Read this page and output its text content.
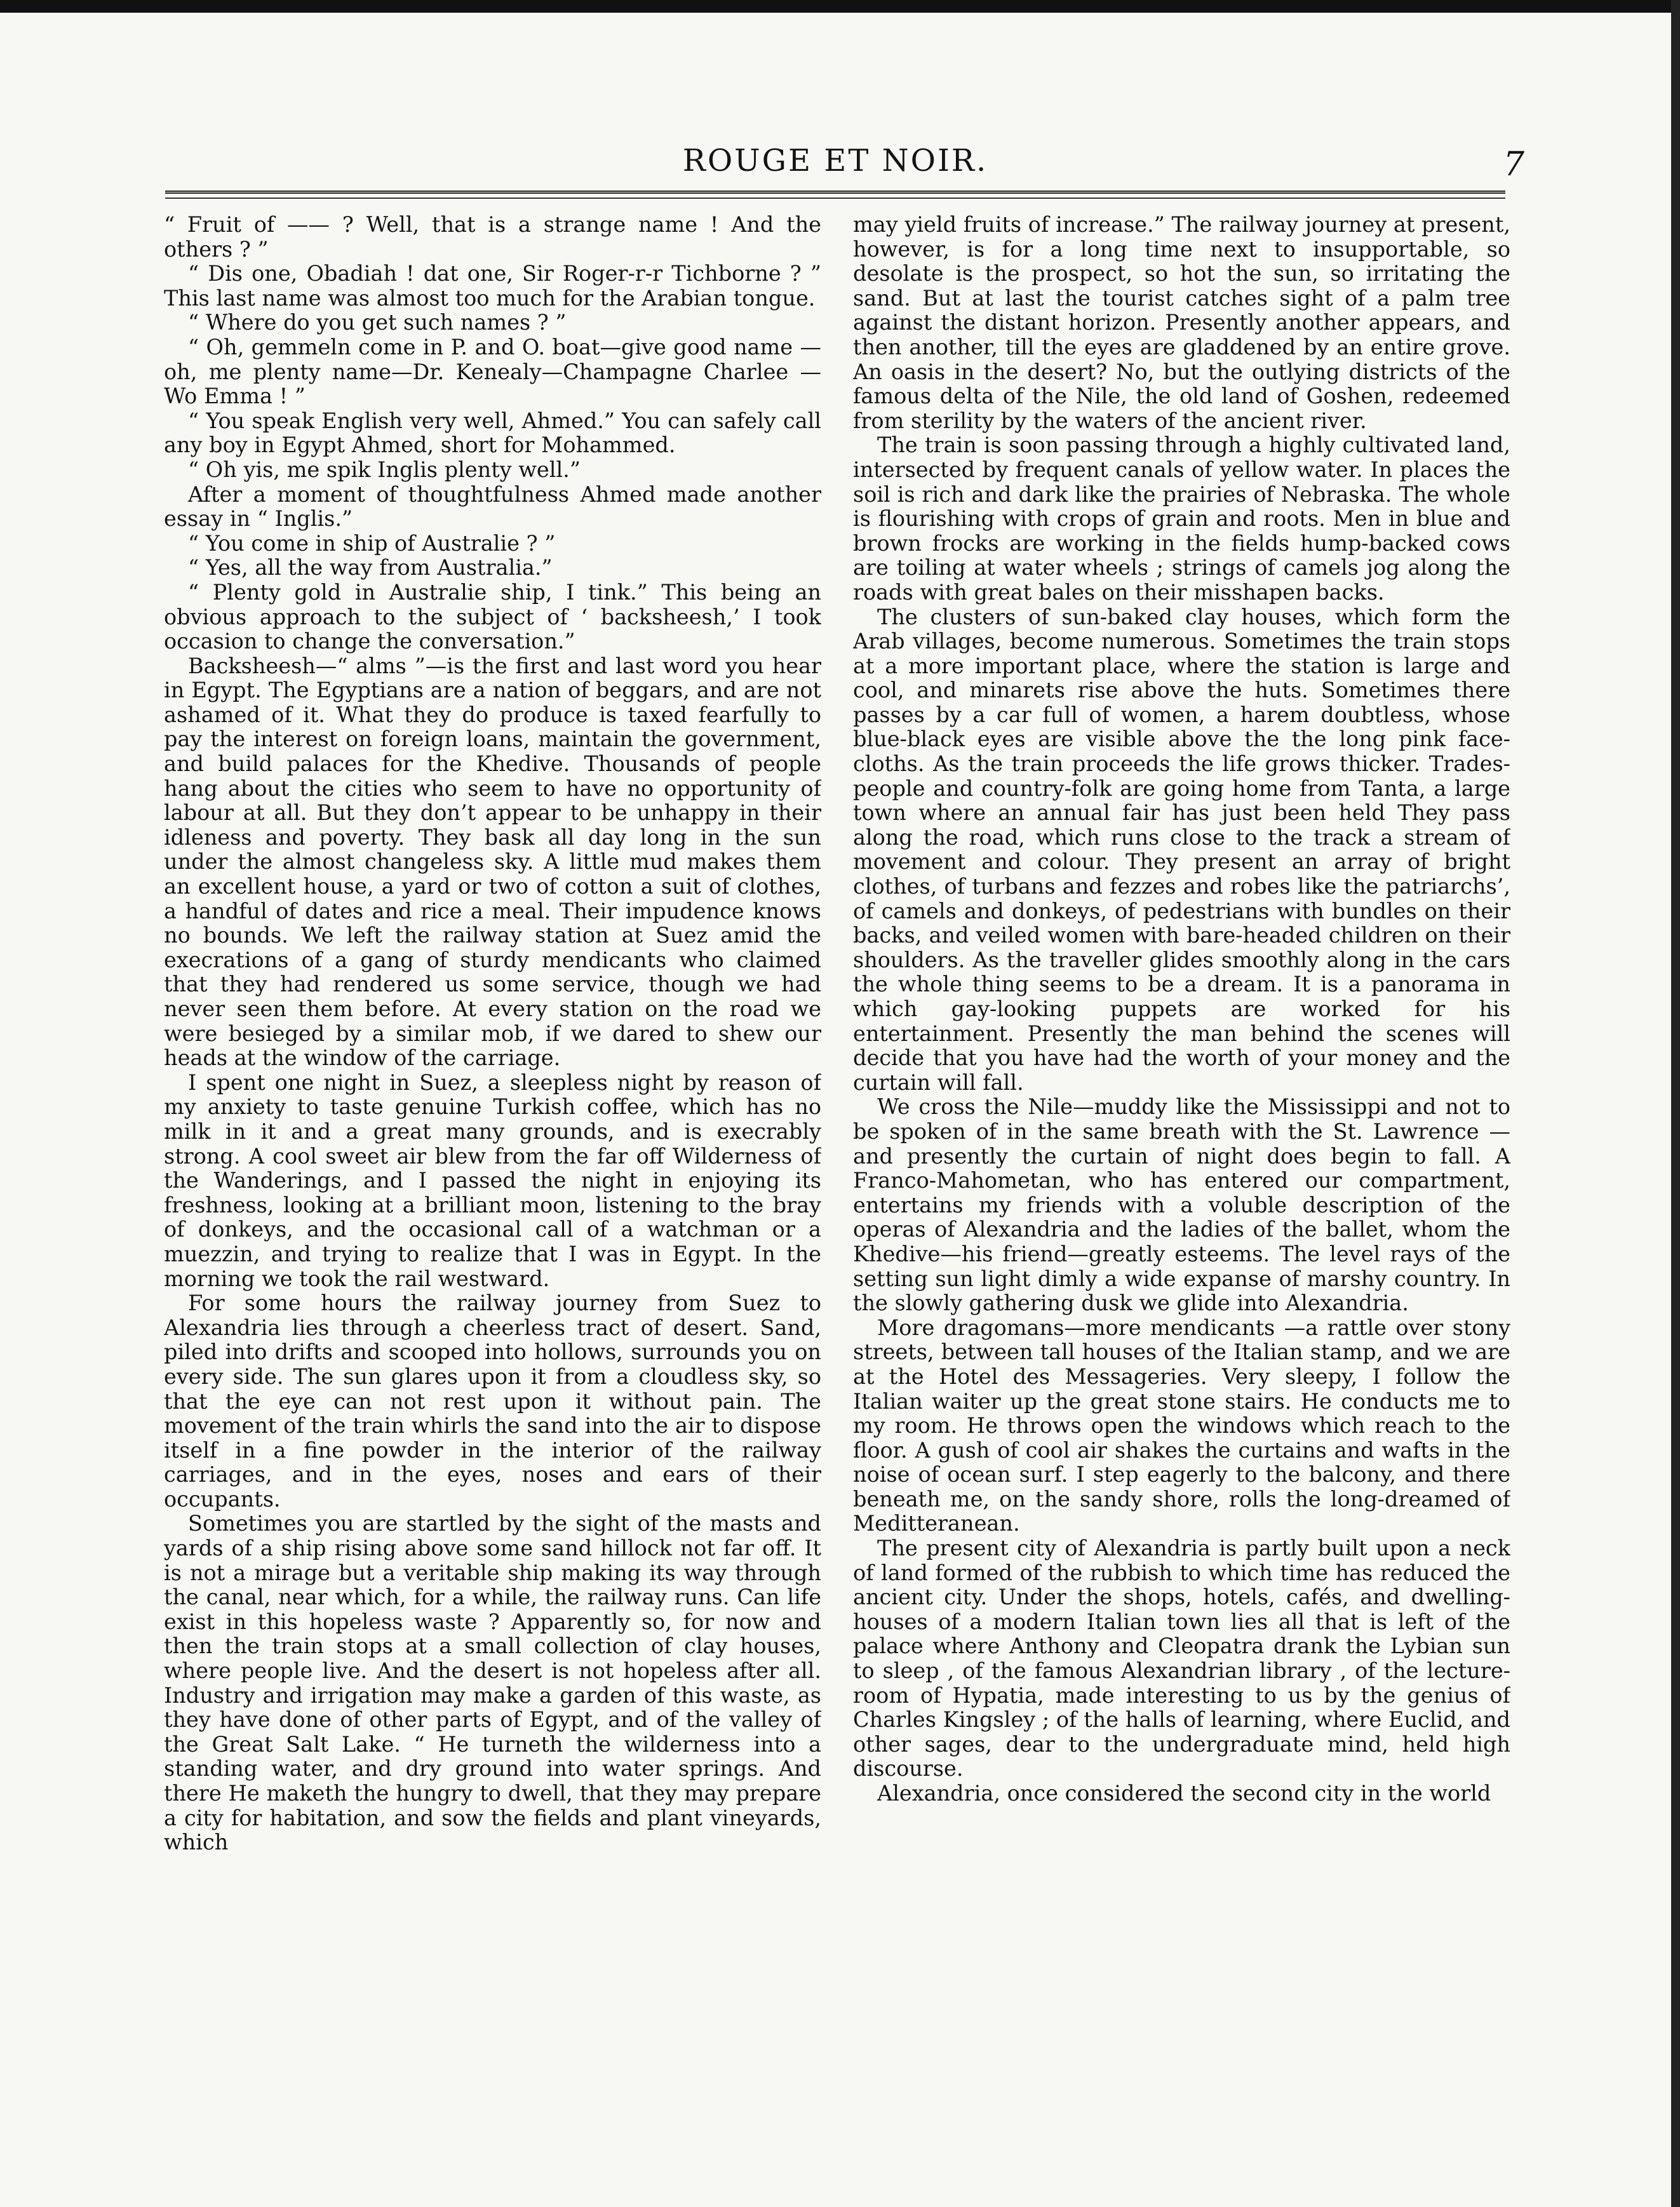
ROUGE ET NOIR.	7

“ Fruit of —— ? Well, that is a strange name ! And the others ? ”

“ Dis one, Obadiah ! dat one, Sir Roger-r-r Tichborne ? ” This last name was almost too much for the Arabian tongue.

“ Where do you get such names ? ”

“ Oh, gemmeln come in P. and O. boat—give good name —oh, me plenty name—Dr. Kenealy—Champagne Charlee —Wo Emma ! ”

“ You speak English very well, Ahmed.” You can safely call any boy in Egypt Ahmed, short for Mohammed.

“ Oh yis, me spik Inglis plenty well.”

After a moment of thoughtfulness Ahmed made another essay in “ Inglis.”

“ You come in ship of Australie ? ”

“ Yes, all the way from Australia.”

“ Plenty gold in Australie ship, I tink.” This being an obvious approach to the subject of ‘ backsheesh,’ I took occasion to change the conversation.”

Backsheesh—“ alms ”—is the first and last word you hear in Egypt. The Egyptians are a nation of beggars, and are not ashamed of it. What they do produce is taxed fearfully to pay the interest on foreign loans, maintain the government, and build palaces for the Khedive. Thousands of people hang about the cities who seem to have no opportunity of labour at all. But they don’t appear to be unhappy in their idleness and poverty. They bask all day long in the sun under the almost changeless sky. A little mud makes them an excellent house, a yard or two of cotton a suit of clothes, a handful of dates and rice a meal. Their impudence knows no bounds. We left the railway station at Suez amid the execrations of a gang of sturdy mendicants who claimed that they had rendered us some service, though we had never seen them before. At every station on the road we were besieged by a similar mob, if we dared to shew our heads at the window of the carriage.

I spent one night in Suez, a sleepless night by reason of my anxiety to taste genuine Turkish coffee, which has no milk in it and a great many grounds, and is execrably strong. A cool sweet air blew from the far off Wilderness of the Wanderings, and I passed the night in enjoying its freshness, looking at a brilliant moon, listening to the bray of donkeys, and the occasional call of a watchman or a muezzin, and trying to realize that I was in Egypt. In the morning we took the rail westward.

For some hours the railway journey from Suez to Alexandria lies through a cheerless tract of desert. Sand, piled into drifts and scooped into hollows, surrounds you on every side. The sun glares upon it from a cloudless sky, so that the eye can not rest upon it without pain. The movement of the train whirls the sand into the air to dispose itself in a fine powder in the interior of the railway carriages, and in the eyes, noses and ears of their occupants.

Sometimes you are startled by the sight of the masts and yards of a ship rising above some sand hillock not far off. It is not a mirage but a veritable ship making its way through the canal, near which, for a while, the railway runs. Can life exist in this hopeless waste ? Apparently so, for now and then the train stops at a small collection of clay houses, where people live. And the desert is not hopeless after all. Industry and irrigation may make a garden of this waste, as they have done of other parts of Egypt, and of the valley of the Great Salt Lake. “ He turneth the wilderness into a standing water, and dry ground into water springs. And there He maketh the hungry to dwell, that they may prepare a city for habitation, and sow the fields and plant vineyards, which

may yield fruits of increase.” The railway journey at present, however, is for a long time next to insupportable, so desolate is the prospect, so hot the sun, so irritating the sand. But at last the tourist catches sight of a palm tree against the distant horizon. Presently another appears, and then another, till the eyes are gladdened by an entire grove. An oasis in the desert? No, but the outlying districts of the famous delta of the Nile, the old land of Goshen, redeemed from sterility by the waters of the ancient river.

The train is soon passing through a highly cultivated land, intersected by frequent canals of yellow water. In places the soil is rich and dark like the prairies of Nebraska. The whole is flourishing with crops of grain and roots. Men in blue and brown frocks are working in the fields hump-backed cows are toiling at water wheels ; strings of camels jog along the roads with great bales on their misshapen backs.

The clusters of sun-baked clay houses, which form the Arab villages, become numerous. Sometimes the train stops at a more important place, where the station is large and cool, and minarets rise above the huts. Sometimes there passes by a car full of women, a harem doubtless, whose blue-black eyes are visible above the the long pink face-cloths. As the train proceeds the life grows thicker. Trades-people and country-folk are going home from Tanta, a large town where an annual fair has just been held They pass along the road, which runs close to the track a stream of movement and colour. They present an array of bright clothes, of turbans and fezzes and robes like the patriarchs’, of camels and donkeys, of pedestrians with bundles on their backs, and veiled women with bare-headed children on their shoulders. As the traveller glides smoothly along in the cars the whole thing seems to be a dream. It is a panorama in which gay-looking puppets are worked for his entertainment. Presently the man behind the scenes will decide that you have had the worth of your money and the curtain will fall.

We cross the Nile—muddy like the Mississippi and not to be spoken of in the same breath with the St. Lawrence —and presently the curtain of night does begin to fall. A Franco-Mahometan, who has entered our compartment, entertains my friends with a voluble description of the operas of Alexandria and the ladies of the ballet, whom the Khedive—his friend—greatly esteems. The level rays of the setting sun light dimly a wide expanse of marshy country. In the slowly gathering dusk we glide into Alexandria.

More dragomans—more mendicants —a rattle over stony streets, between tall houses of the Italian stamp, and we are at the Hotel des Messageries. Very sleepy, I follow the Italian waiter up the great stone stairs. He conducts me to my room. He throws open the windows which reach to the floor. A gush of cool air shakes the curtains and wafts in the noise of ocean surf. I step eagerly to the balcony, and there beneath me, on the sandy shore, rolls the long-dreamed of Meditteranean.

The present city of Alexandria is partly built upon a neck of land formed of the rubbish to which time has reduced the ancient city. Under the shops, hotels, cafés, and dwelling-houses of a modern Italian town lies all that is left of the palace where Anthony and Cleopatra drank the Lybian sun to sleep , of the famous Alexandrian library , of the lecture-room of Hypatia, made interesting to us by the genius of Charles Kingsley ; of the halls of learning, where Euclid, and other sages, dear to the undergraduate mind, held high discourse.

Alexandria, once considered the second city in the world
